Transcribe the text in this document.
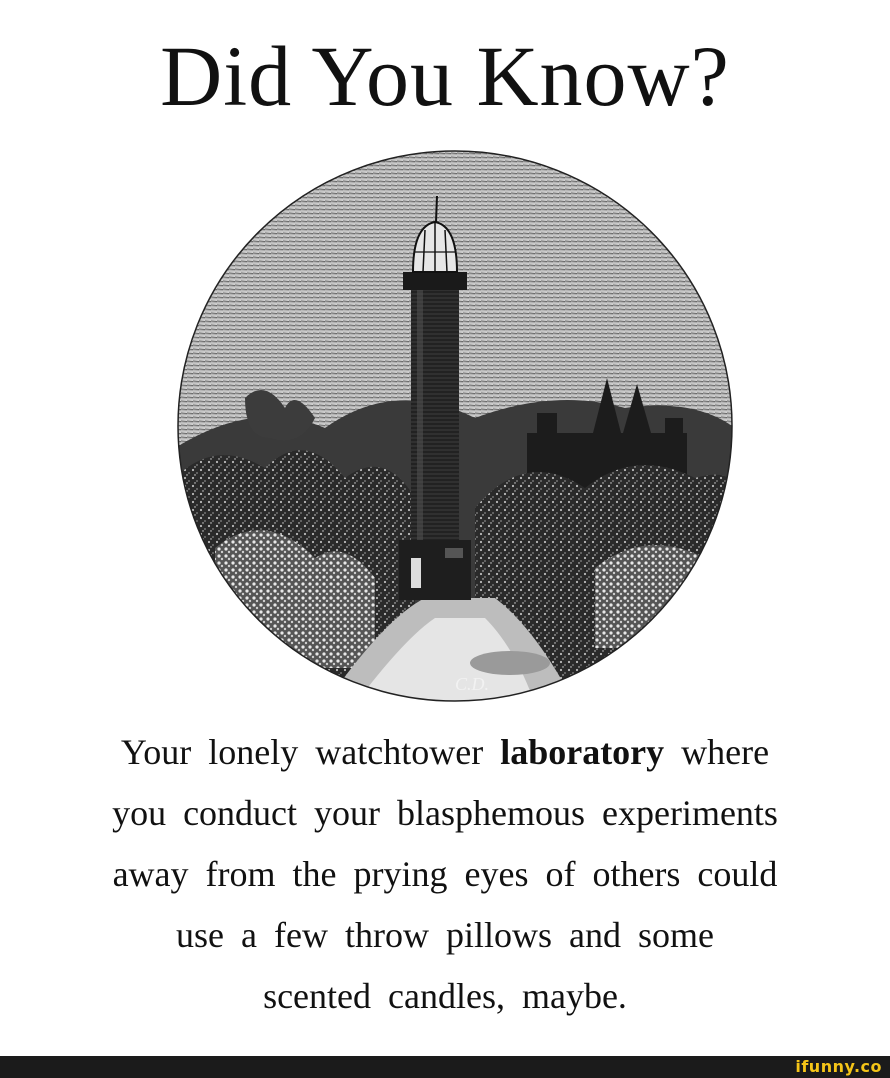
Did You Know?
C.D.
Your lonely watchtower laboratory where
you conduct your blasphemous experiments
away from the prying eyes of others could
use a few throw pillows and some
scented candles, maybe.
ifunny.co
